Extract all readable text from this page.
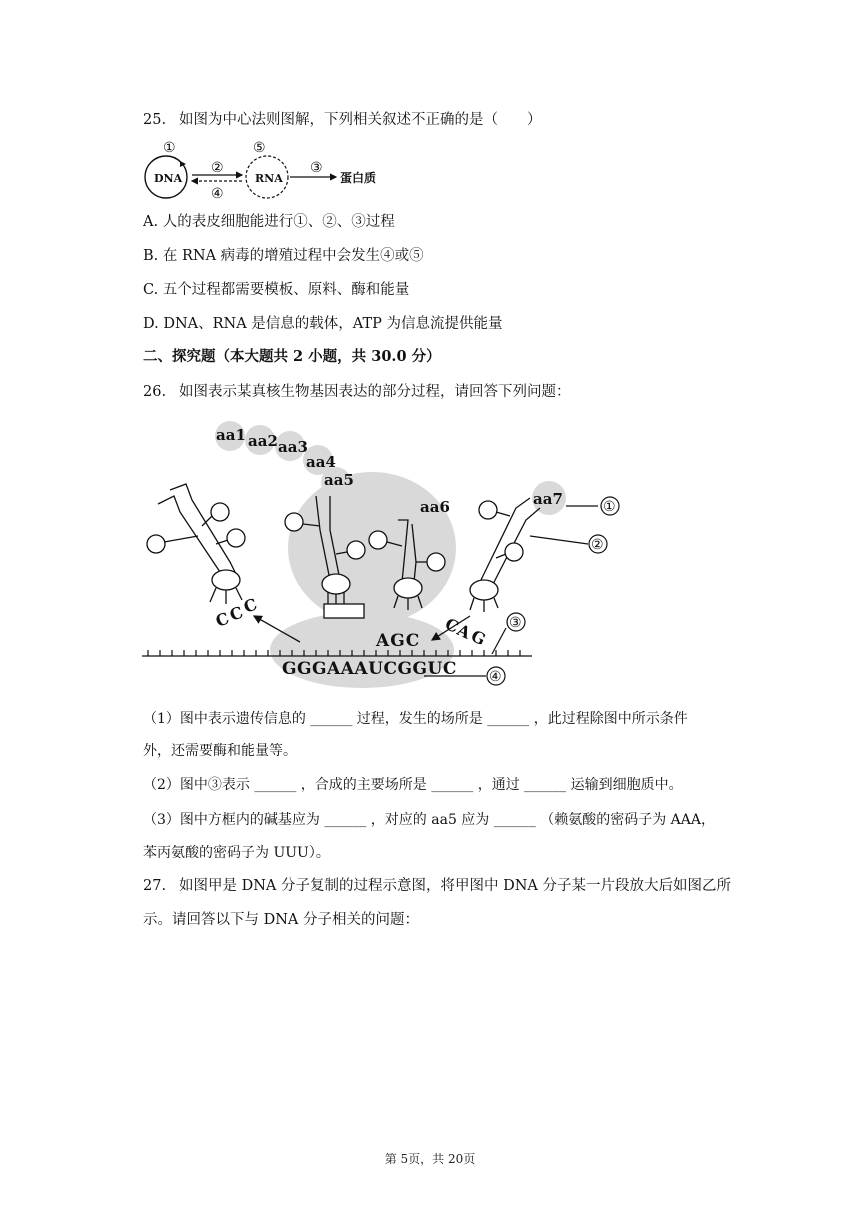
25. 如图为中心法则图解，下列相关叙述不正确的是（　　）
①
DNA
②
④
⑤
RNA
③
蛋白质
A. 人的表皮细胞能进行①、②、③过程
B. 在 RNA 病毒的增殖过程中会发生④或⑤
C. 五个过程都需要模板、原料、酶和能量
D. DNA、RNA 是信息的载体，ATP 为信息流提供能量
二、探究题（本大题共 2 小题，共 30.0 分）
26. 如图表示某真核生物基因表达的部分过程，请回答下列问题：
aa1 aa2 aa3
aa4
aa5
aa6	aa7
C
C
C
AGC
C
A
G
GGGAAAUCGGUC
①
②
③
④
（1）图中表示遗传信息的 ______ 过程，发生的场所是 ______ ，此过程除图中所示条件
外，还需要酶和能量等。
（2）图中③表示 ______ ，合成的主要场所是 ______ ，通过 ______ 运输到细胞质中。
（3）图中方框内的碱基应为 ______ ，对应的 aa5 应为 ______ （赖氨酸的密码子为 AAA，
苯丙氨酸的密码子为 UUU）。
27. 如图甲是 DNA 分子复制的过程示意图，将甲图中 DNA 分子某一片段放大后如图乙所
示。请回答以下与 DNA 分子相关的问题：
第 5页，共 20页
